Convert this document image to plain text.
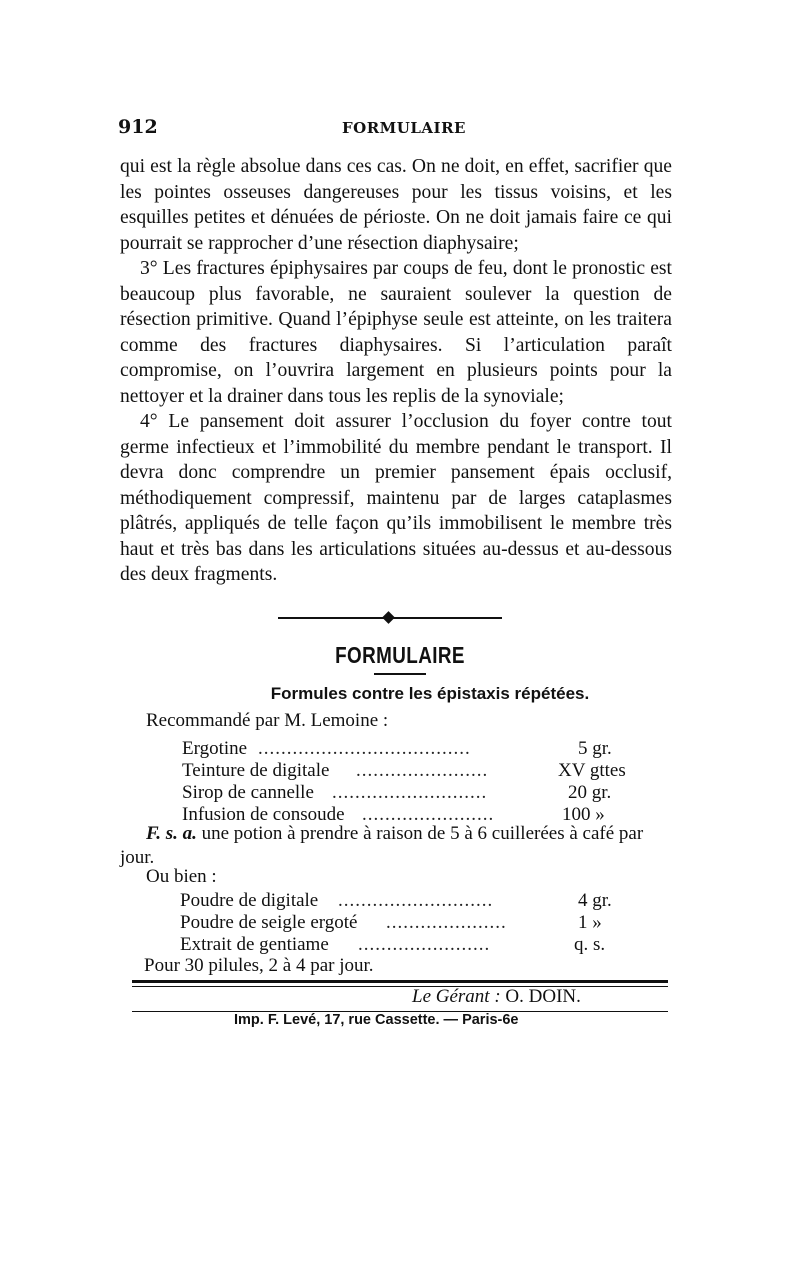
912	FORMULAIRE

qui est la règle absolue dans ces cas. On ne doit, en effet, sacrifier que les pointes osseuses dangereuses pour les tissus voisins, et les esquilles petites et dénuées de périoste. On ne doit jamais faire ce qui pourrait se rapprocher d’une résection diaphysaire;

3° Les fractures épiphysaires par coups de feu, dont le pronostic est beaucoup plus favorable, ne sauraient soulever la question de résection primitive. Quand l’épiphyse seule est atteinte, on les traitera comme des fractures diaphysaires. Si l’articulation paraît compromise, on l’ouvrira largement en plusieurs points pour la nettoyer et la drainer dans tous les replis de la synoviale;

4° Le pansement doit assurer l’occlusion du foyer contre tout germe infectieux et l’immobilité du membre pendant le transport. Il devra donc comprendre un premier pansement épais occlusif, méthodiquement compressif, maintenu par de larges cataplasmes plâtrés, appliqués de telle façon qu’ils immobilisent le membre très haut et très bas dans les articulations situées au-dessus et au-dessous des deux fragments.

FORMULAIRE
Formules contre les épistaxis répétées.
Recommandé par M. Lemoine :
Ergotine .....................................	5 gr.
Teinture de digitale .......................	XV gttes
Sirop de cannelle ...........................	20 gr.
Infusion de consoude .......................	100 »
F. s. a. une potion à prendre à raison de 5 à 6 cuillerées à café par jour.
Ou bien :
Poudre de digitale ...........................	4 gr.
Poudre de seigle ergoté .....................	1 »
Extrait de gentiame .......................	q. s.
Pour 30 pilules, 2 à 4 par jour.
Le Gérant : O. DOIN.
Imp. F. Levé, 17, rue Cassette. — Paris-6e
